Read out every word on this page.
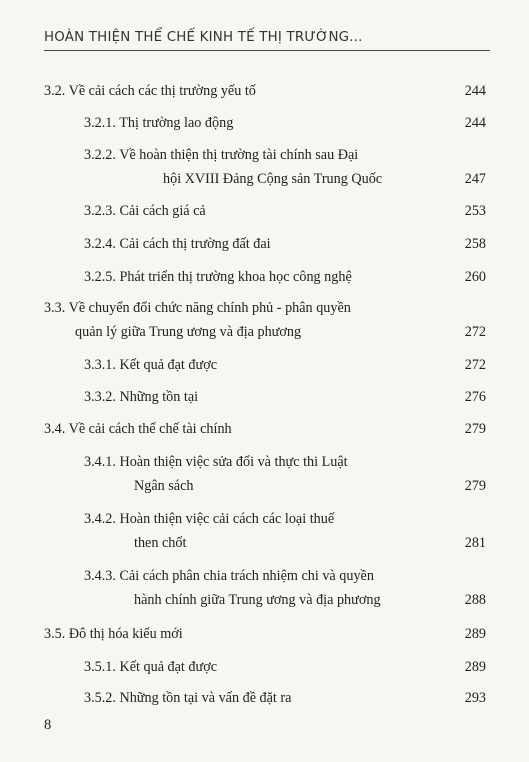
HOÀN THIỆN THỂ CHẾ KINH TẾ THỊ TRƯỜNG...
3.2. Về cải cách các thị trường yếu tố	244
3.2.1. Thị trường lao động	244
3.2.2. Về hoàn thiện thị trường tài chính sau Đại
hội XVIII Đảng Cộng sản Trung Quốc	247
3.2.3. Cải cách giá cả	253
3.2.4. Cải cách thị trường đất đai	258
3.2.5. Phát triển thị trường khoa học công nghệ	260
3.3. Về chuyển đổi chức năng chính phủ - phân quyền
quản lý giữa Trung ương và địa phương	272
3.3.1. Kết quả đạt được	272
3.3.2. Những tồn tại	276
3.4. Về cải cách thể chế tài chính	279
3.4.1. Hoàn thiện việc sửa đổi và thực thi Luật
Ngân sách	279
3.4.2. Hoàn thiện việc cải cách các loại thuế
then chốt	281
3.4.3. Cải cách phân chia trách nhiệm chi và quyền
hành chính giữa Trung ương và địa phương	288
3.5. Đô thị hóa kiểu mới	289
3.5.1. Kết quả đạt được	289
3.5.2. Những tồn tại và vấn đề đặt ra	293
8
